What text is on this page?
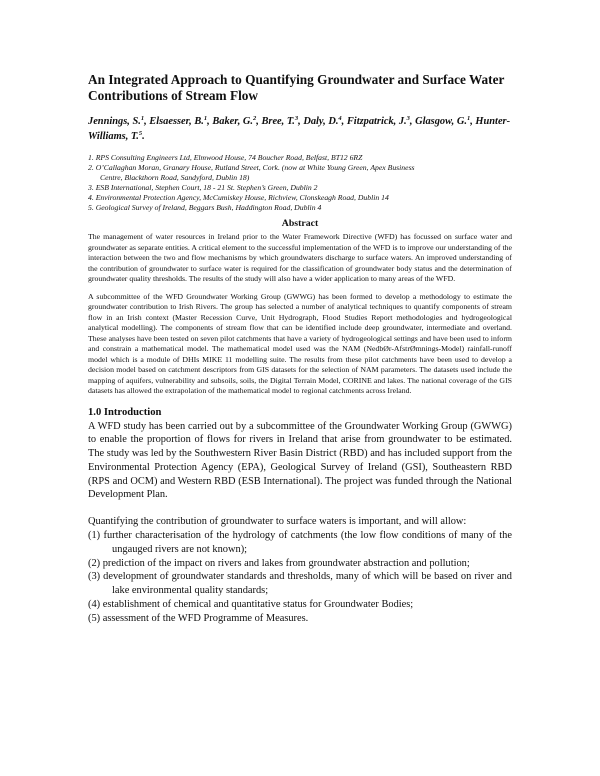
An Integrated Approach to Quantifying Groundwater and Surface Water Contributions of Stream Flow
Jennings, S.$^1$, Elsaesser, B.$^1$, Baker, G.$^2$, Bree, T.$^3$, Daly, D.$^4$, Fitzpatrick, J.$^3$, Glasgow, G.$^1$, Hunter-Williams, T.$^5$.
1. RPS Consulting Engineers Ltd, Elmwood House, 74 Boucher Road, Belfast, BT12 6RZ
2. O’Callaghan Moran, Granary House, Rutland Street, Cork. (now at White Young Green, Apex Business
Centre, Blackthorn Road, Sandyford, Dublin 18)
3. ESB International, Stephen Court, 18 - 21 St. Stephen’s Green, Dublin 2
4. Environmental Protection Agency, McCumiskey House, Richview, Clonskeagh Road, Dublin 14
5. Geological Survey of Ireland, Beggars Bush, Haddington Road, Dublin 4
Abstract

The management of water resources in Ireland prior to the Water Framework Directive (WFD) has focussed on surface water and groundwater as separate entities. A critical element to the successful implementation of the WFD is to improve our understanding of the interaction between the two and flow mechanisms by which groundwaters discharge to surface waters. An improved understanding of the contribution of groundwater to surface water is required for the classification of groundwater body status and the determination of groundwater quality thresholds. The results of the study will also have a wider application to many areas of the WFD.

A subcommittee of the WFD Groundwater Working Group (GWWG) has been formed to develop a methodology to estimate the groundwater contribution to Irish Rivers. The group has selected a number of analytical techniques to quantify components of stream flow in an Irish context (Master Recession Curve, Unit Hydrograph, Flood Studies Report methodologies and hydrogeological analytical modelling). The components of stream flow that can be identified include deep groundwater, intermediate and overland. These analyses have been tested on seven pilot catchments that have a variety of hydrogeological settings and have been used to inform and constrain a mathematical model. The mathematical model used was the NAM (NedbØr-AfstrØmnings-Model) rainfall-runoff model which is a module of DHIs MIKE 11 modelling suite. The results from these pilot catchments have been used to develop a decision model based on catchment descriptors from GIS datasets for the selection of NAM parameters. The datasets used include the mapping of aquifers, vulnerability and subsoils, soils, the Digital Terrain Model, CORINE and lakes. The national coverage of the GIS datasets has allowed the extrapolation of the mathematical model to regional catchments across Ireland.

1.0 Introduction

A WFD study has been carried out by a subcommittee of the Groundwater Working Group (GWWG) to enable the proportion of flows for rivers in Ireland that arise from groundwater to be estimated. The study was led by the Southwestern River Basin District (RBD) and has included support from the Environmental Protection Agency (EPA), Geological Survey of Ireland (GSI), Southeastern RBD (RPS and OCM) and Western RBD (ESB International). The project was funded through the National Development Plan.

Quantifying the contribution of groundwater to surface waters is important, and will allow:

(1) further characterisation of the hydrology of catchments (the low flow conditions of many of the ungauged rivers are not known);
(2) prediction of the impact on rivers and lakes from groundwater abstraction and pollution;
(3) development of groundwater standards and thresholds, many of which will be based on river and lake environmental quality standards;
(4) establishment of chemical and quantitative status for Groundwater Bodies;
(5) assessment of the WFD Programme of Measures.
